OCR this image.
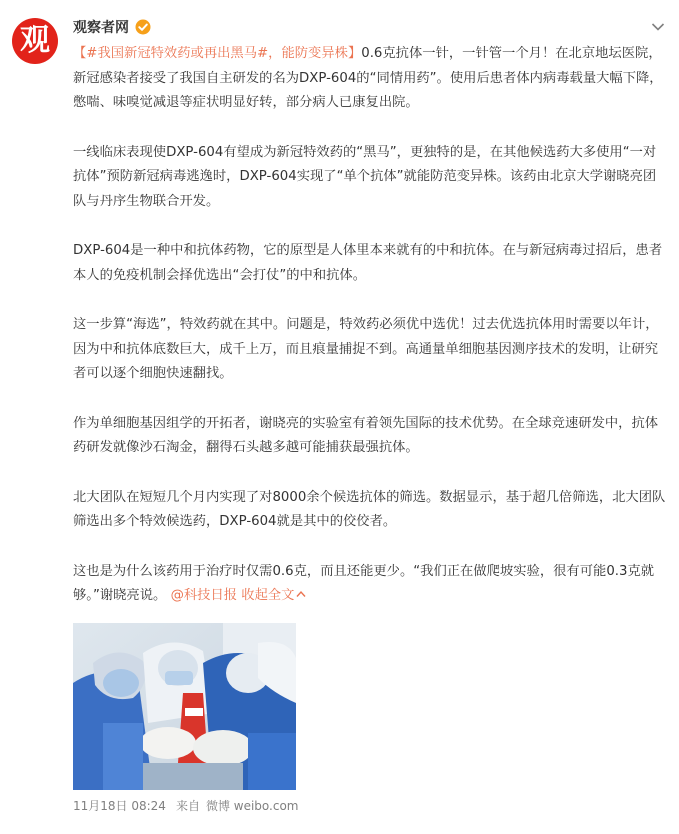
观 观察者网

【#我国新冠特效药或再出黑马#，能防变异株】0.6克抗体一针，一针管一个月！在北京地坛医院，新冠感染者接受了我国自主研发的名为DXP-604的“同情用药”。使用后患者体内病毒载量大幅下降，憋喘、味嗅觉减退等症状明显好转，部分病人已康复出院。

一线临床表现使DXP-604有望成为新冠特效药的“黑马”，更独特的是，在其他候选药大多使用“一对抗体”预防新冠病毒逃逸时，DXP-604实现了“单个抗体”就能防范变异株。该药由北京大学谢晓亮团队与丹序生物联合开发。

DXP-604是一种中和抗体药物，它的原型是人体里本来就有的中和抗体。在与新冠病毒过招后，患者本人的免疫机制会择优选出“会打仗”的中和抗体。

这一步算“海选”，特效药就在其中。问题是，特效药必须优中选优！过去优选抗体用时需要以年计，因为中和抗体底数巨大，成千上万，而且痕量捕捉不到。高通量单细胞基因测序技术的发明，让研究者可以逐个细胞快速翻找。

作为单细胞基因组学的开拓者，谢晓亮的实验室有着领先国际的技术优势。在全球竞速研发中，抗体药研发就像沙石淘金，翻得石头越多越可能捕获最强抗体。

北大团队在短短几个月内实现了对8000余个候选抗体的筛选。数据显示，基于超几倍筛选，北大团队筛选出多个特效候选药，DXP-604就是其中的佼佼者。

这也是为什么该药用于治疗时仅需0.6克，而且还能更少。“我们正在做爬坡实验，很有可能0.3克就够。”谢晓亮说。 @科技日报 收起全文

11月18日 08:24 来自 微博 weibo.com
